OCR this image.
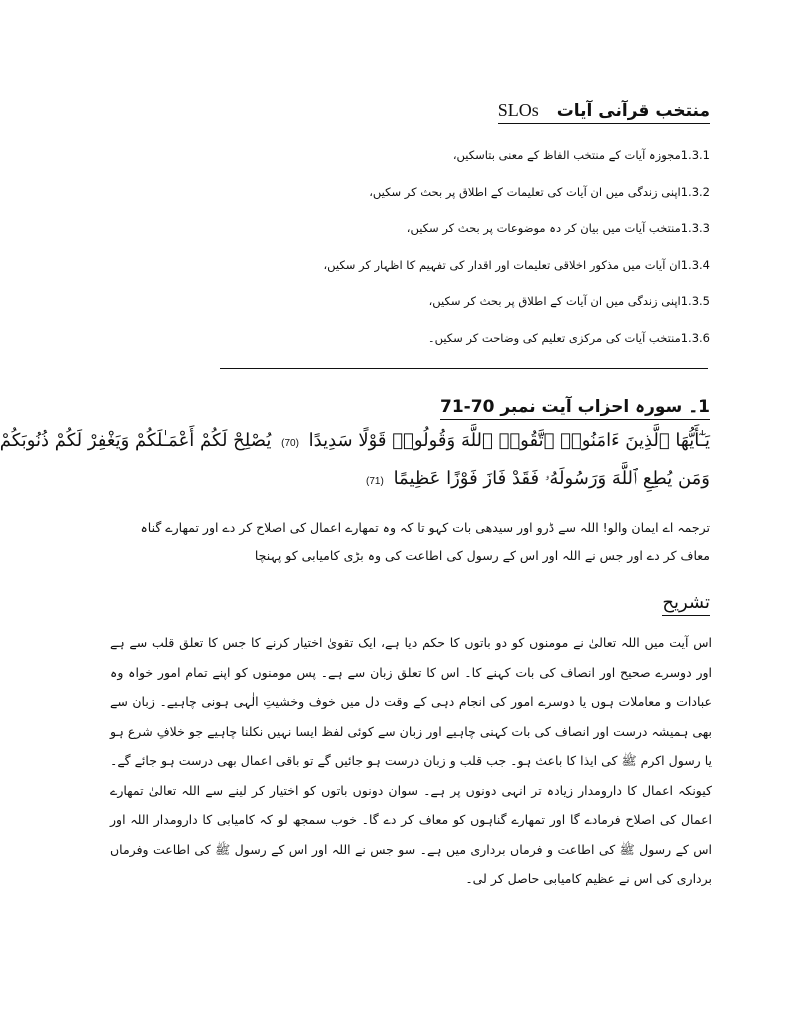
منتخب قرآنی آیات
SLOs
1.3.1مجوزہ آیات کے منتخب الفاظ کے معنی بتاسکیں،
1.3.2اپنی زندگی میں ان آیات کی تعلیمات کے اطلاق پر بحث کر سکیں،
1.3.3منتخب آیات میں بیان کر دہ موضوعات پر بحث کر سکیں،
1.3.4ان آیات میں مذکور اخلاقی تعلیمات اور اقدار کی تفہیم کا اظہار کر سکیں،
1.3.5اپنی زندگی میں ان آیات کے اطلاق پر بحث کر سکیں،
1.3.6منتخب آیات کی مرکزی تعلیم کی وضاحت کر سکیں۔
1۔ سورہ احزاب آیت نمبر 70-71
يَـٰٓأَيُّهَا ٱلَّذِينَ ءَامَنُوا۟ ٱتَّقُوا۟ ٱللَّهَ وَقُولُوا۟ قَوْلًا سَدِيدًا (70) يُصْلِحْ لَكُمْ أَعْمَـٰلَكُمْ وَيَغْفِرْ لَكُمْ ذُنُوبَكُمْ
وَمَن يُطِعِ ٱللَّهَ وَرَسُولَهُۥ فَقَدْ فَازَ فَوْزًا عَظِيمًا (71)
ترجمہ اے ایمان والو! اللہ سے ڈرو اور سیدھی بات کہو تا کہ وہ تمھارے اعمال کی اصلاح کر دے اور تمھارے گناہ معاف کر دے اور جس نے اللہ اور اس کے رسول کی اطاعت کی وہ بڑی کامیابی کو پہنچا
تشریح
اس آیت میں اللہ تعالیٰ نے مومنوں کو دو باتوں کا حکم دیا ہے، ایک تقویٰ اختیار کرنے کا جس کا تعلق قلب سے ہے اور دوسرے صحیح اور انصاف کی بات کہنے کا۔ اس کا تعلق زبان سے ہے۔ پس مومنوں کو اپنے تمام امور خواہ وہ عبادات و معاملات ہوں یا دوسرے امور کی انجام دہی کے وقت دل میں خوف وخشیتِ الٰہی ہونی چاہیے۔ زبان سے بھی ہمیشہ درست اور انصاف کی بات کہنی چاہیے اور زبان سے کوئی لفظ ایسا نہیں نکلنا چاہیے جو خلافِ شرع ہو یا رسول اکرم ﷺ کی ایذا کا باعث ہو۔ جب قلب و زبان درست ہو جائیں گے تو باقی اعمال بھی درست ہو جائے گے۔ کیونکہ اعمال کا دارومدار زیادہ تر انہی دونوں پر ہے۔ سوان دونوں باتوں کو اختیار کر لینے سے اللہ تعالیٰ تمھارے اعمال کی اصلاح فرمادے گا اور تمھارے گناہوں کو معاف کر دے گا۔ خوب سمجھ لو کہ کامیابی کا دارومدار اللہ اور اس کے رسول ﷺ کی اطاعت و فرماں برداری میں ہے۔ سو جس نے اللہ اور اس کے رسول ﷺ کی اطاعت وفرماں برداری کی اس نے عظیم کامیابی حاصل کر لی۔
